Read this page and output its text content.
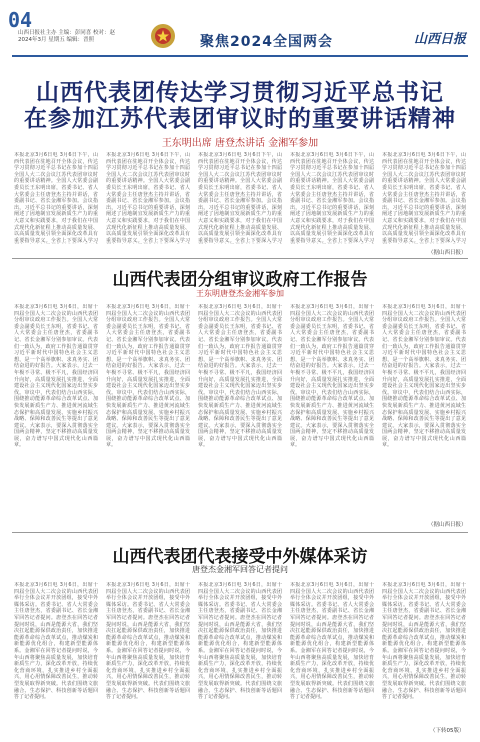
04
山西日报社主办 主编：彭同喜 校对：赵
2024年3月 星期五 编辑：晋照	聚焦2024全国两会	山西日报
山西代表团传达学习贯彻习近平总书记
在参加江苏代表团审议时的重要讲话精神
王东明出席 唐登杰讲话 金湘军参加
本报北京3月6日电 3月6日下午，山西代表团在驻地召开全体会议，传达学习贯彻习近平总书记在参加十四届全国人大二次会议江苏代表团审议时的重要讲话精神。全国人大常委会副委员长王东明出席，省委书记、省人大常委会主任唐登杰主持并讲话，省委副书记、省长金湘军参加。会议指出，习近平总书记的重要讲话，深刻阐述了因地制宜发展新质生产力的重大意义和实践要求，对于我们在中国式现代化新征程上推动高质量发展、以高质量发展引领全面深化改革具有重要指导意义。全省上下要深入学习
本报北京3月6日电 3月6日下午，山西代表团在驻地召开全体会议，传达学习贯彻习近平总书记在参加十四届全国人大二次会议江苏代表团审议时的重要讲话精神。全国人大常委会副委员长王东明出席，省委书记、省人大常委会主任唐登杰主持并讲话，省委副书记、省长金湘军参加。会议指出，习近平总书记的重要讲话，深刻阐述了因地制宜发展新质生产力的重大意义和实践要求，对于我们在中国式现代化新征程上推动高质量发展、以高质量发展引领全面深化改革具有重要指导意义。全省上下要深入学习
本报北京3月6日电 3月6日下午，山西代表团在驻地召开全体会议，传达学习贯彻习近平总书记在参加十四届全国人大二次会议江苏代表团审议时的重要讲话精神。全国人大常委会副委员长王东明出席，省委书记、省人大常委会主任唐登杰主持并讲话，省委副书记、省长金湘军参加。会议指出，习近平总书记的重要讲话，深刻阐述了因地制宜发展新质生产力的重大意义和实践要求，对于我们在中国式现代化新征程上推动高质量发展、以高质量发展引领全面深化改革具有重要指导意义。全省上下要深入学习
本报北京3月6日电 3月6日下午，山西代表团在驻地召开全体会议，传达学习贯彻习近平总书记在参加十四届全国人大二次会议江苏代表团审议时的重要讲话精神。全国人大常委会副委员长王东明出席，省委书记、省人大常委会主任唐登杰主持并讲话，省委副书记、省长金湘军参加。会议指出，习近平总书记的重要讲话，深刻阐述了因地制宜发展新质生产力的重大意义和实践要求，对于我们在中国式现代化新征程上推动高质量发展、以高质量发展引领全面深化改革具有重要指导意义。全省上下要深入学习
本报北京3月6日电 3月6日下午，山西代表团在驻地召开全体会议，传达学习贯彻习近平总书记在参加十四届全国人大二次会议江苏代表团审议时的重要讲话精神。全国人大常委会副委员长王东明出席，省委书记、省人大常委会主任唐登杰主持并讲话，省委副书记、省长金湘军参加。会议指出，习近平总书记的重要讲话，深刻阐述了因地制宜发展新质生产力的重大意义和实践要求，对于我们在中国式现代化新征程上推动高质量发展、以高质量发展引领全面深化改革具有重要指导意义。全省上下要深入学习
（据山西日报）
山西代表团分组审议政府工作报告
王东明唐登杰金湘军参加
本报北京3月6日电 3月6日，出席十四届全国人大二次会议的山西代表团分组审议政府工作报告。全国人大常委会副委员长王东明，省委书记、省人大常委会主任唐登杰，省委副书记、省长金湘军分别参加审议。代表们一致认为，政府工作报告通篇贯穿习近平新时代中国特色社会主义思想，是一个高举旗帜、求真务实、团结奋进的好报告。大家表示，过去一年极不寻常、极不平凡，我国经济回升向好，高质量发展扎实推进，全面建设社会主义现代化国家迈出坚实步伐。审议中，代表们结合山西实际，围绕推动能源革命综合改革试点、加快发展新质生产力、推进黄河流域生态保护和高质量发展、实施乡村振兴战略、保障和改善民生等提出了意见建议。大家表示，要深入贯彻落实全国两会精神，坚定不移推动高质量发展，奋力谱写中国式现代化山西篇章。
本报北京3月6日电 3月6日，出席十四届全国人大二次会议的山西代表团分组审议政府工作报告。全国人大常委会副委员长王东明，省委书记、省人大常委会主任唐登杰，省委副书记、省长金湘军分别参加审议。代表们一致认为，政府工作报告通篇贯穿习近平新时代中国特色社会主义思想，是一个高举旗帜、求真务实、团结奋进的好报告。大家表示，过去一年极不寻常、极不平凡，我国经济回升向好，高质量发展扎实推进，全面建设社会主义现代化国家迈出坚实步伐。审议中，代表们结合山西实际，围绕推动能源革命综合改革试点、加快发展新质生产力、推进黄河流域生态保护和高质量发展、实施乡村振兴战略、保障和改善民生等提出了意见建议。大家表示，要深入贯彻落实全国两会精神，坚定不移推动高质量发展，奋力谱写中国式现代化山西篇章。
本报北京3月6日电 3月6日，出席十四届全国人大二次会议的山西代表团分组审议政府工作报告。全国人大常委会副委员长王东明，省委书记、省人大常委会主任唐登杰，省委副书记、省长金湘军分别参加审议。代表们一致认为，政府工作报告通篇贯穿习近平新时代中国特色社会主义思想，是一个高举旗帜、求真务实、团结奋进的好报告。大家表示，过去一年极不寻常、极不平凡，我国经济回升向好，高质量发展扎实推进，全面建设社会主义现代化国家迈出坚实步伐。审议中，代表们结合山西实际，围绕推动能源革命综合改革试点、加快发展新质生产力、推进黄河流域生态保护和高质量发展、实施乡村振兴战略、保障和改善民生等提出了意见建议。大家表示，要深入贯彻落实全国两会精神，坚定不移推动高质量发展，奋力谱写中国式现代化山西篇章。
本报北京3月6日电 3月6日，出席十四届全国人大二次会议的山西代表团分组审议政府工作报告。全国人大常委会副委员长王东明，省委书记、省人大常委会主任唐登杰，省委副书记、省长金湘军分别参加审议。代表们一致认为，政府工作报告通篇贯穿习近平新时代中国特色社会主义思想，是一个高举旗帜、求真务实、团结奋进的好报告。大家表示，过去一年极不寻常、极不平凡，我国经济回升向好，高质量发展扎实推进，全面建设社会主义现代化国家迈出坚实步伐。审议中，代表们结合山西实际，围绕推动能源革命综合改革试点、加快发展新质生产力、推进黄河流域生态保护和高质量发展、实施乡村振兴战略、保障和改善民生等提出了意见建议。大家表示，要深入贯彻落实全国两会精神，坚定不移推动高质量发展，奋力谱写中国式现代化山西篇章。
本报北京3月6日电 3月6日，出席十四届全国人大二次会议的山西代表团分组审议政府工作报告。全国人大常委会副委员长王东明，省委书记、省人大常委会主任唐登杰，省委副书记、省长金湘军分别参加审议。代表们一致认为，政府工作报告通篇贯穿习近平新时代中国特色社会主义思想，是一个高举旗帜、求真务实、团结奋进的好报告。大家表示，过去一年极不寻常、极不平凡，我国经济回升向好，高质量发展扎实推进，全面建设社会主义现代化国家迈出坚实步伐。审议中，代表们结合山西实际，围绕推动能源革命综合改革试点、加快发展新质生产力、推进黄河流域生态保护和高质量发展、实施乡村振兴战略、保障和改善民生等提出了意见建议。大家表示，要深入贯彻落实全国两会精神，坚定不移推动高质量发展，奋力谱写中国式现代化山西篇章。
（据山西日报）
山西代表团代表接受中外媒体采访
唐登杰金湘军回答记者提问
本报北京3月6日电 3月6日，出席十四届全国人大二次会议的山西代表团举行全体会议并开放团组，接受中外媒体采访。省委书记、省人大常委会主任唐登杰，省委副书记、省长金湘军回答记者提问。唐登杰在回答记者提问时说，山西是能源大省，我们坚决扛起能源保供政治责任，加快推进能源革命综合改革试点，推动煤炭和新能源优化组合，构建新型能源体系。金湘军在回答记者提问时说，今年山西将聚焦高质量发展，加快培育新质生产力，深化改革开放，持续优化营商环境，扎实推进乡村全面振兴，用心用情保障改善民生，推动转型发展取得新突破。代表们围绕文旅融合、生态保护、科技创新等话题回答了记者提问。
本报北京3月6日电 3月6日，出席十四届全国人大二次会议的山西代表团举行全体会议并开放团组，接受中外媒体采访。省委书记、省人大常委会主任唐登杰，省委副书记、省长金湘军回答记者提问。唐登杰在回答记者提问时说，山西是能源大省，我们坚决扛起能源保供政治责任，加快推进能源革命综合改革试点，推动煤炭和新能源优化组合，构建新型能源体系。金湘军在回答记者提问时说，今年山西将聚焦高质量发展，加快培育新质生产力，深化改革开放，持续优化营商环境，扎实推进乡村全面振兴，用心用情保障改善民生，推动转型发展取得新突破。代表们围绕文旅融合、生态保护、科技创新等话题回答了记者提问。
本报北京3月6日电 3月6日，出席十四届全国人大二次会议的山西代表团举行全体会议并开放团组，接受中外媒体采访。省委书记、省人大常委会主任唐登杰，省委副书记、省长金湘军回答记者提问。唐登杰在回答记者提问时说，山西是能源大省，我们坚决扛起能源保供政治责任，加快推进能源革命综合改革试点，推动煤炭和新能源优化组合，构建新型能源体系。金湘军在回答记者提问时说，今年山西将聚焦高质量发展，加快培育新质生产力，深化改革开放，持续优化营商环境，扎实推进乡村全面振兴，用心用情保障改善民生，推动转型发展取得新突破。代表们围绕文旅融合、生态保护、科技创新等话题回答了记者提问。
本报北京3月6日电 3月6日，出席十四届全国人大二次会议的山西代表团举行全体会议并开放团组，接受中外媒体采访。省委书记、省人大常委会主任唐登杰，省委副书记、省长金湘军回答记者提问。唐登杰在回答记者提问时说，山西是能源大省，我们坚决扛起能源保供政治责任，加快推进能源革命综合改革试点，推动煤炭和新能源优化组合，构建新型能源体系。金湘军在回答记者提问时说，今年山西将聚焦高质量发展，加快培育新质生产力，深化改革开放，持续优化营商环境，扎实推进乡村全面振兴，用心用情保障改善民生，推动转型发展取得新突破。代表们围绕文旅融合、生态保护、科技创新等话题回答了记者提问。
本报北京3月6日电 3月6日，出席十四届全国人大二次会议的山西代表团举行全体会议并开放团组，接受中外媒体采访。省委书记、省人大常委会主任唐登杰，省委副书记、省长金湘军回答记者提问。唐登杰在回答记者提问时说，山西是能源大省，我们坚决扛起能源保供政治责任，加快推进能源革命综合改革试点，推动煤炭和新能源优化组合，构建新型能源体系。金湘军在回答记者提问时说，今年山西将聚焦高质量发展，加快培育新质生产力，深化改革开放，持续优化营商环境，扎实推进乡村全面振兴，用心用情保障改善民生，推动转型发展取得新突破。代表们围绕文旅融合、生态保护、科技创新等话题回答了记者提问。
（下转05版）
